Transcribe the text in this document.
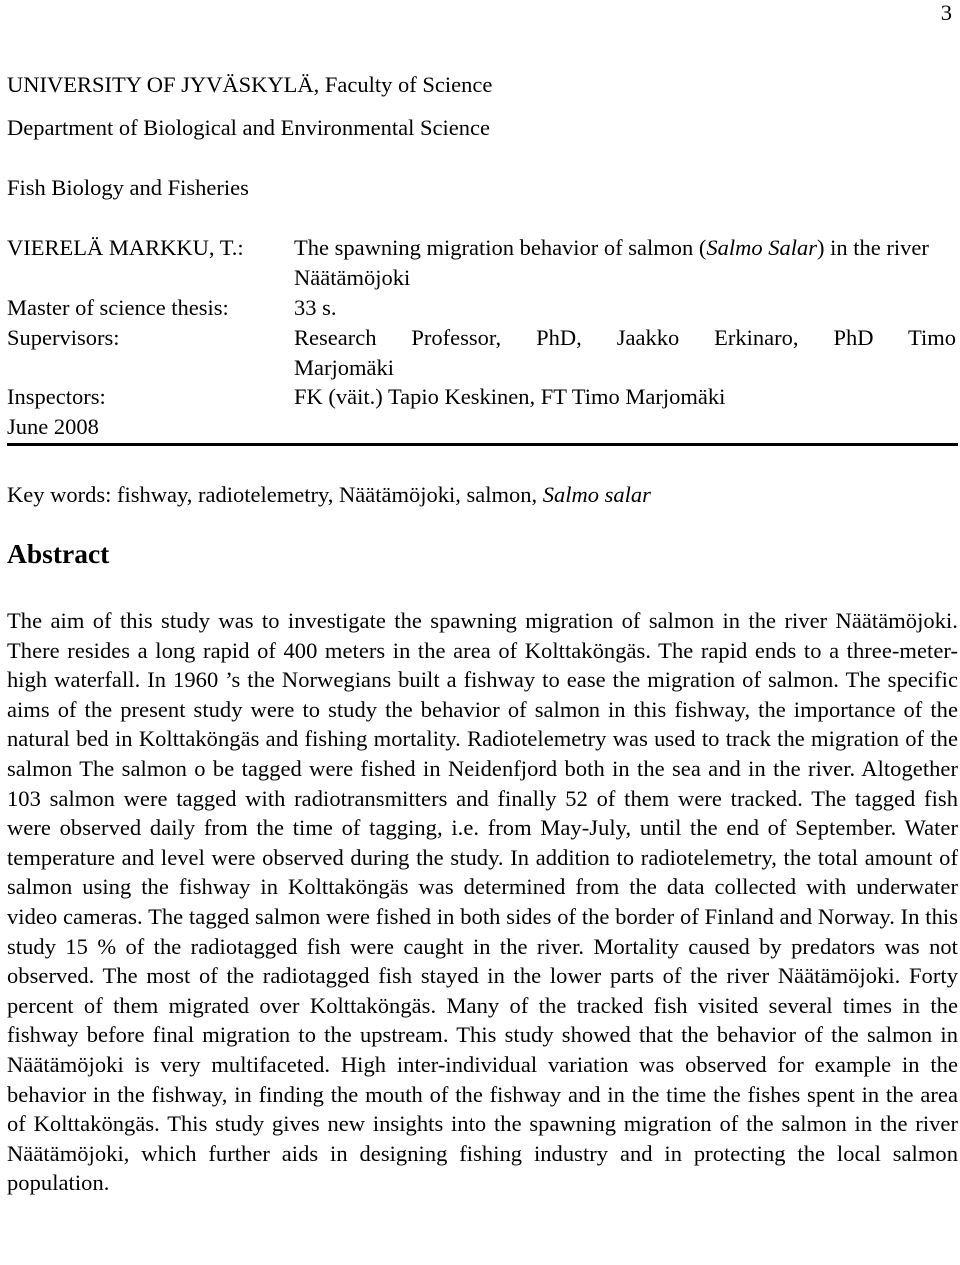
3
UNIVERSITY OF JYVÄSKYLÄ, Faculty of Science
Department of Biological and Environmental Science
Fish Biology and Fisheries
VIERELÄ MARKKU, T.: The spawning migration behavior of salmon (Salmo Salar) in the river Näätämöjoki
Master of science thesis:	33 s.
Supervisors:	Research Professor, PhD, Jaakko Erkinaro, PhD Timo
Marjomäki
Inspectors:	FK (väit.) Tapio Keskinen, FT Timo Marjomäki
June 2008
Key words: fishway, radiotelemetry, Näätämöjoki, salmon, Salmo salar
Abstract

The aim of this study was to investigate the spawning migration of salmon in the river Näätämöjoki. There resides a long rapid of 400 meters in the area of Kolttaköngäs. The rapid ends to a three-meter-high waterfall. In 1960 ’s the Norwegians built a fishway to ease the migration of salmon. The specific aims of the present study were to study the behavior of salmon in this fishway, the importance of the natural bed in Kolttaköngäs and fishing mortality. Radiotelemetry was used to track the migration of the salmon The salmon o be tagged were fished in Neidenfjord both in the sea and in the river. Altogether 103 salmon were tagged with radiotransmitters and finally 52 of them were tracked. The tagged fish were observed daily from the time of tagging, i.e. from May-July, until the end of September. Water temperature and level were observed during the study. In addition to radiotelemetry, the total amount of salmon using the fishway in Kolttaköngäs was determined from the data collected with underwater video cameras. The tagged salmon were fished in both sides of the border of Finland and Norway. In this study 15 % of the radiotagged fish were caught in the river. Mortality caused by predators was not observed. The most of the radiotagged fish stayed in the lower parts of the river Näätämöjoki. Forty percent of them migrated over Kolttaköngäs. Many of the tracked fish visited several times in the fishway before final migration to the upstream. This study showed that the behavior of the salmon in Näätämöjoki is very multifaceted. High inter-individual variation was observed for example in the behavior in the fishway, in finding the mouth of the fishway and in the time the fishes spent in the area of Kolttaköngäs. This study gives new insights into the spawning migration of the salmon in the river Näätämöjoki, which further aids in designing fishing industry and in protecting the local salmon population.
